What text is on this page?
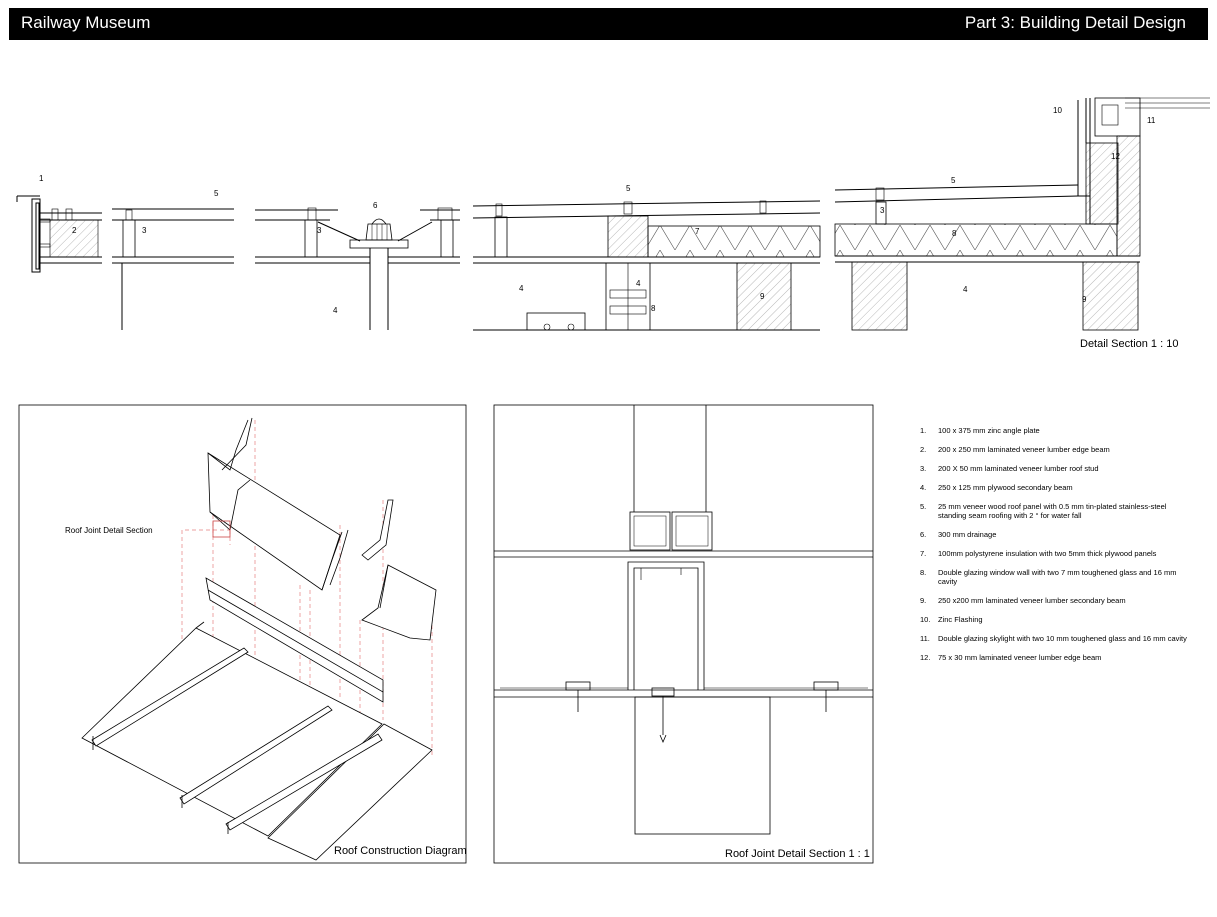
Railway Museum	Part 3: Building Detail Design
1
2	3
4
5
3
6
4
5
7
4
8
9
10
11
12
5
3
8
4
9
Detail Section 1 : 10
Roof Joint Detail Section
Roof Construction Diagram	Roof Joint Detail Section 1 : 1
1.	100 x 375 mm zinc angle plate
2.	200 x 250 mm laminated veneer lumber edge beam
3.	200 X 50 mm laminated veneer lumber roof stud
4.	250 x 125 mm plywood secondary beam
5.	25 mm veneer wood roof panel with 0.5 mm tin-plated stainless-steel standing seam roofing with 2 ° for water fall
6.	300 mm drainage
7.	100mm polystyrene insulation with two 5mm thick plywood panels
8.	Double glazing window wall with two 7 mm toughened glass and 16 mm cavity
9.	250 x200 mm laminated veneer lumber secondary beam
10.	Zinc Flashing
11.	Double glazing skylight with two 10 mm toughened glass and 16 mm cavity
12.	75 x 30 mm laminated veneer lumber edge beam
